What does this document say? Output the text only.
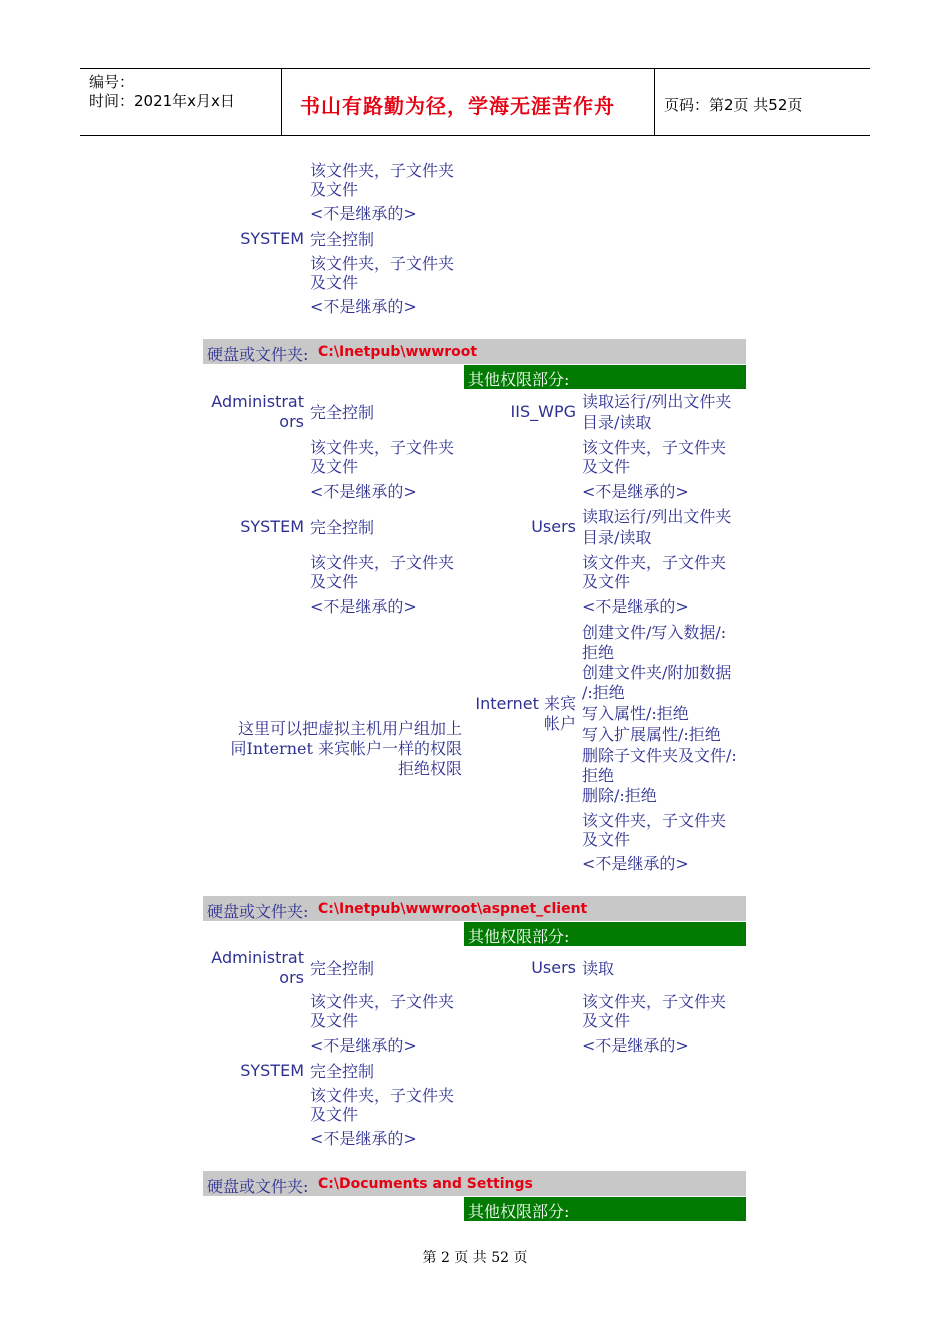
编号：
时间：2021年x月x日	书山有路勤为径，学海无涯苦作舟	页码：第2页 共52页
该文件夹，子文件夹
及文件
<不是继承的>
SYSTEM 完全控制
该文件夹，子文件夹
及文件
<不是继承的>
硬盘或文件夹: C:\Inetpub\wwwroot
其他权限部分:
Administrat
ors 完全控制
该文件夹，子文件夹
及文件
<不是继承的>
SYSTEM 完全控制
该文件夹，子文件夹
及文件
<不是继承的>
这里可以把虚拟主机用户组加上
同Internet 来宾帐户一样的权限
拒绝权限
IIS_WPG
读取运行/列出文件夹
目录/读取
该文件夹，子文件夹
及文件
<不是继承的>
Users
读取运行/列出文件夹
目录/读取
该文件夹，子文件夹
及文件
<不是继承的>
Internet 来宾
帐户
创建文件/写入数据/:
拒绝
创建文件夹/附加数据
/:拒绝
写入属性/:拒绝
写入扩展属性/:拒绝
删除子文件夹及文件/:
拒绝
删除/:拒绝
该文件夹，子文件夹
及文件
<不是继承的>
硬盘或文件夹: C:\Inetpub\wwwroot\aspnet_client
其他权限部分:
Administrat
ors 完全控制
该文件夹，子文件夹
及文件
<不是继承的>
SYSTEM 完全控制
该文件夹，子文件夹
及文件
<不是继承的>
Users 读取
该文件夹，子文件夹
及文件
<不是继承的>
硬盘或文件夹: C:\Documents and Settings
其他权限部分:
第 2 页 共 52 页
